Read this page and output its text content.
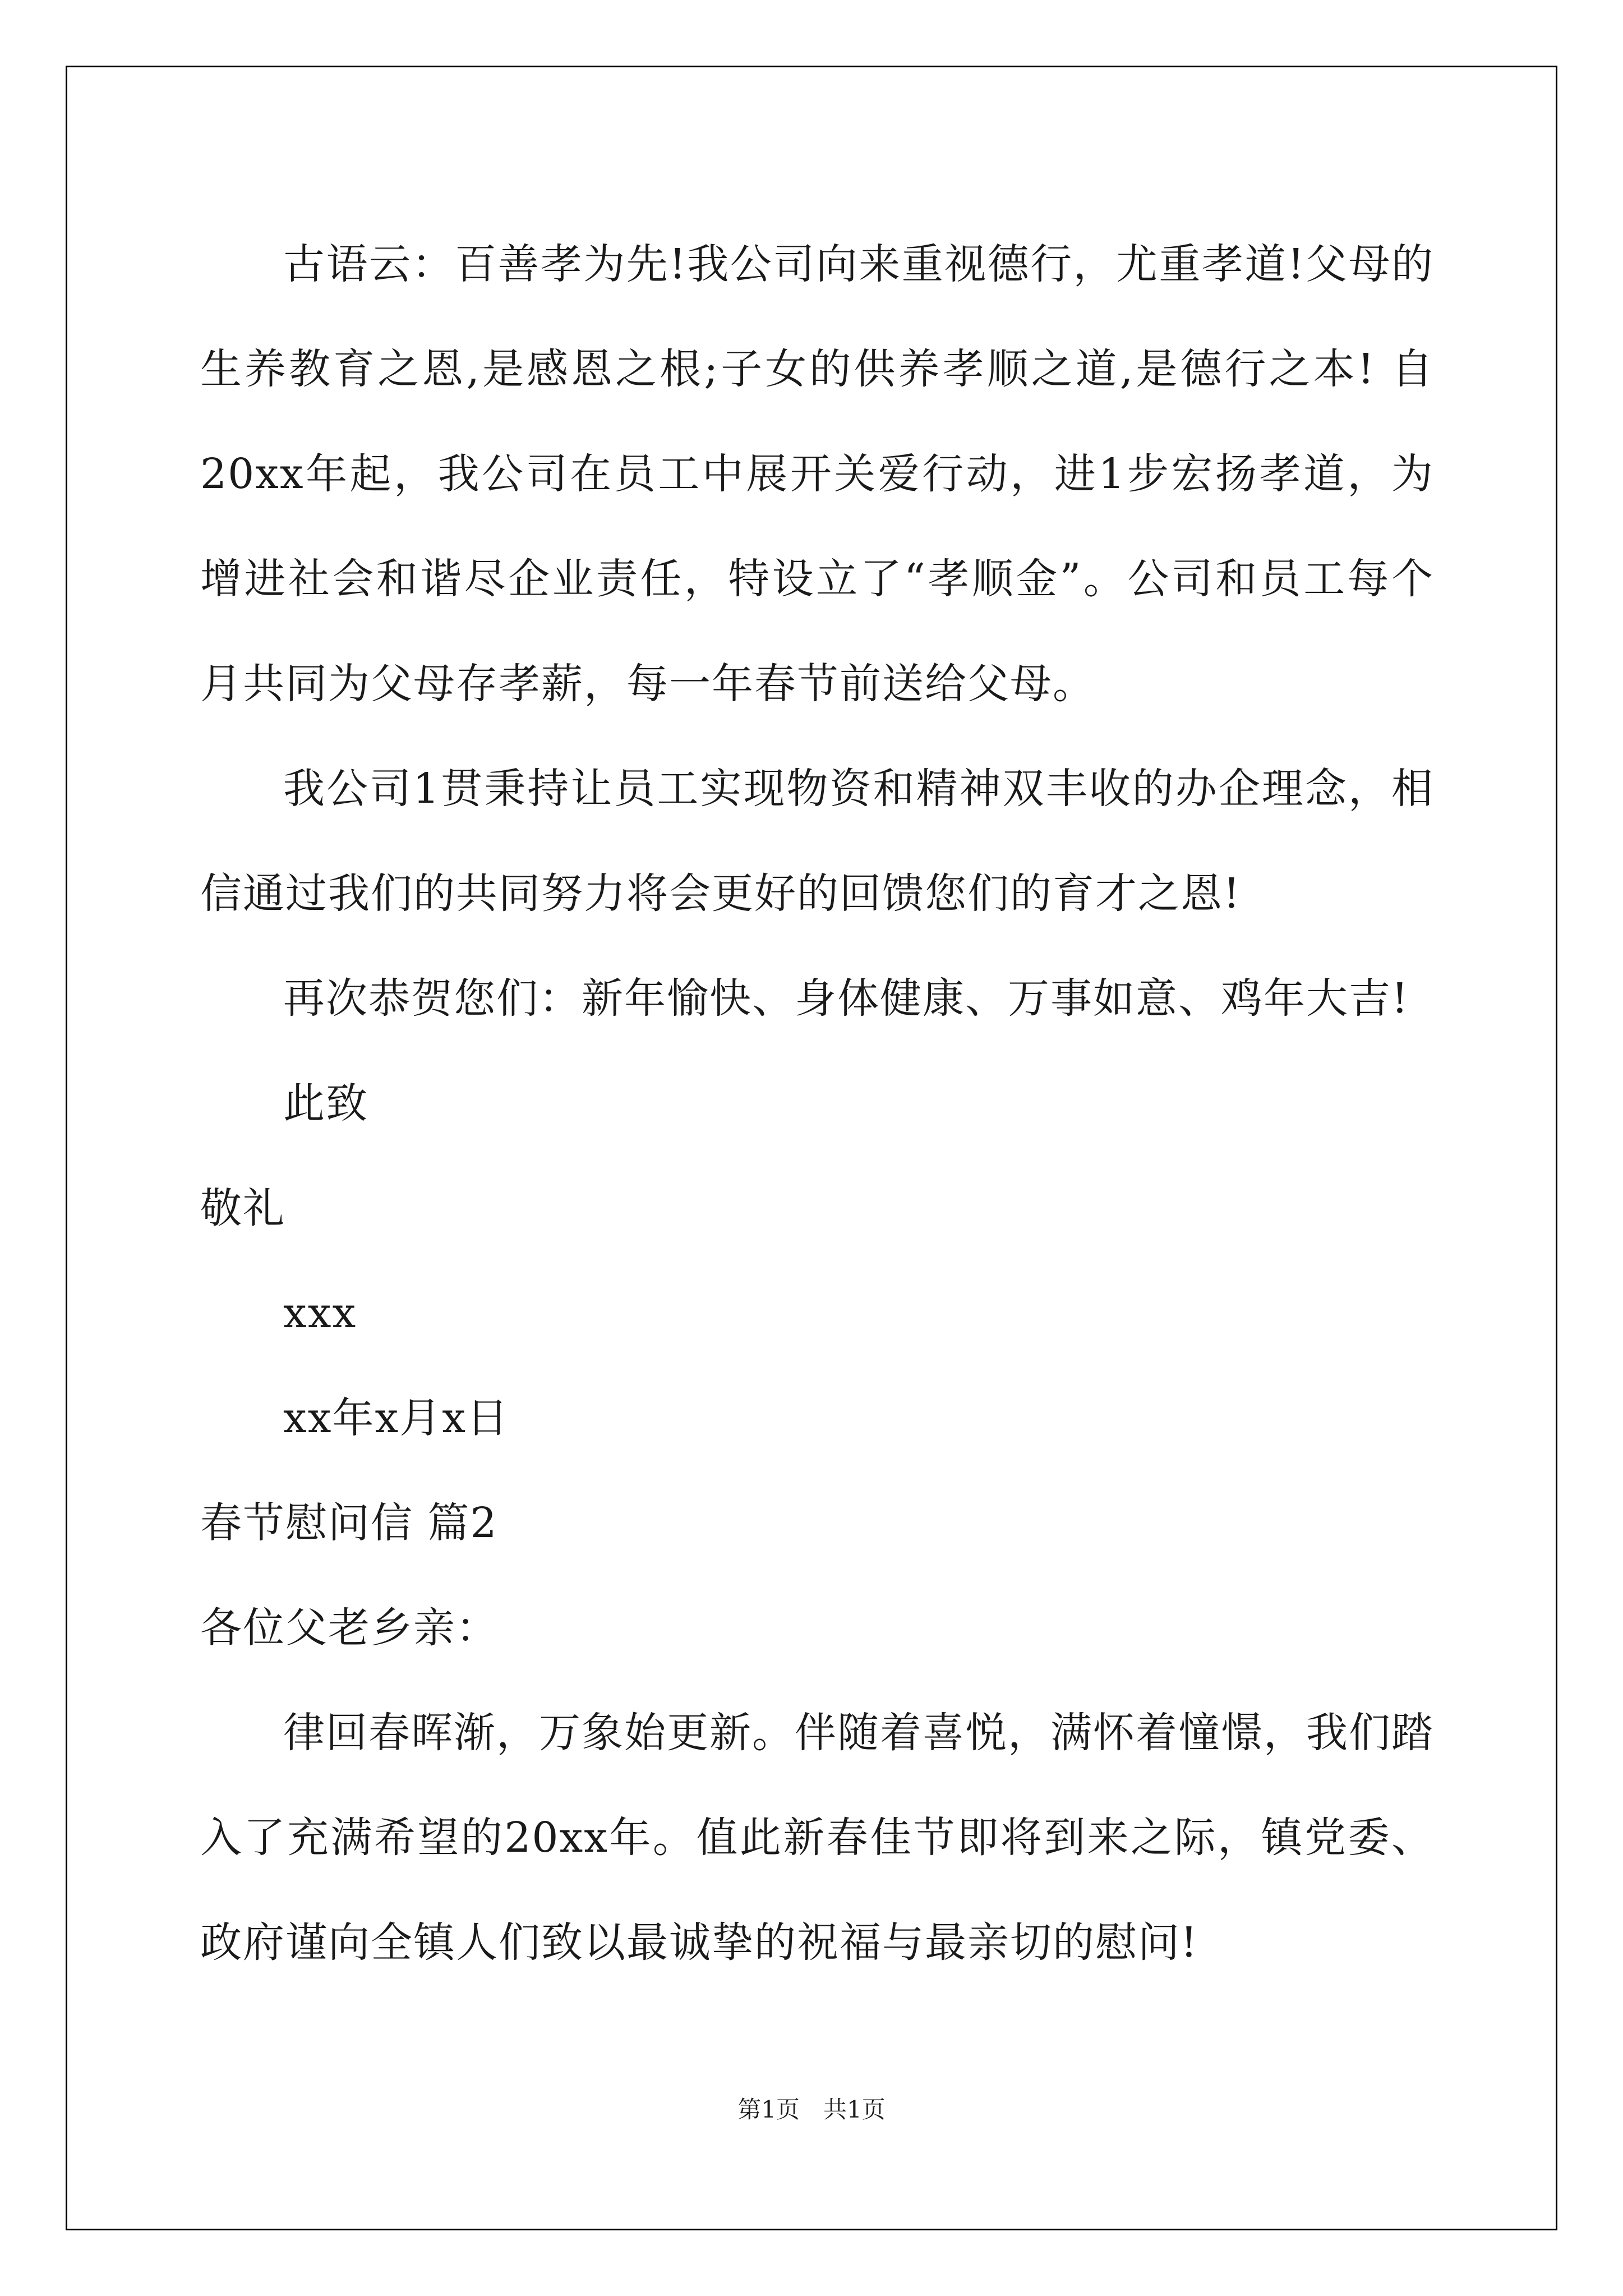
古语云：百善孝为先!我公司向来重视德行，尤重孝道!父母的生养教育之恩,是感恩之根;子女的供养孝顺之道,是德行之本! 自20xx年起，我公司在员工中展开关爱行动，进1步宏扬孝道，为增进社会和谐尽企业责任，特设立了“孝顺金”。公司和员工每个月共同为父母存孝薪，每一年春节前送给父母。

我公司1贯秉持让员工实现物资和精神双丰收的办企理念，相信通过我们的共同努力将会更好的回馈您们的育才之恩!

再次恭贺您们：新年愉快、身体健康、万事如意、鸡年大吉!

此致

敬礼

xxx

xx年x月x日

春节慰问信 篇2

各位父老乡亲：

律回春晖渐，万象始更新。伴随着喜悦，满怀着憧憬，我们踏入了充满希望的20xx年。值此新春佳节即将到来之际，镇党委、政府谨向全镇人们致以最诚挚的祝福与最亲切的慰问!

第1页　共1页
